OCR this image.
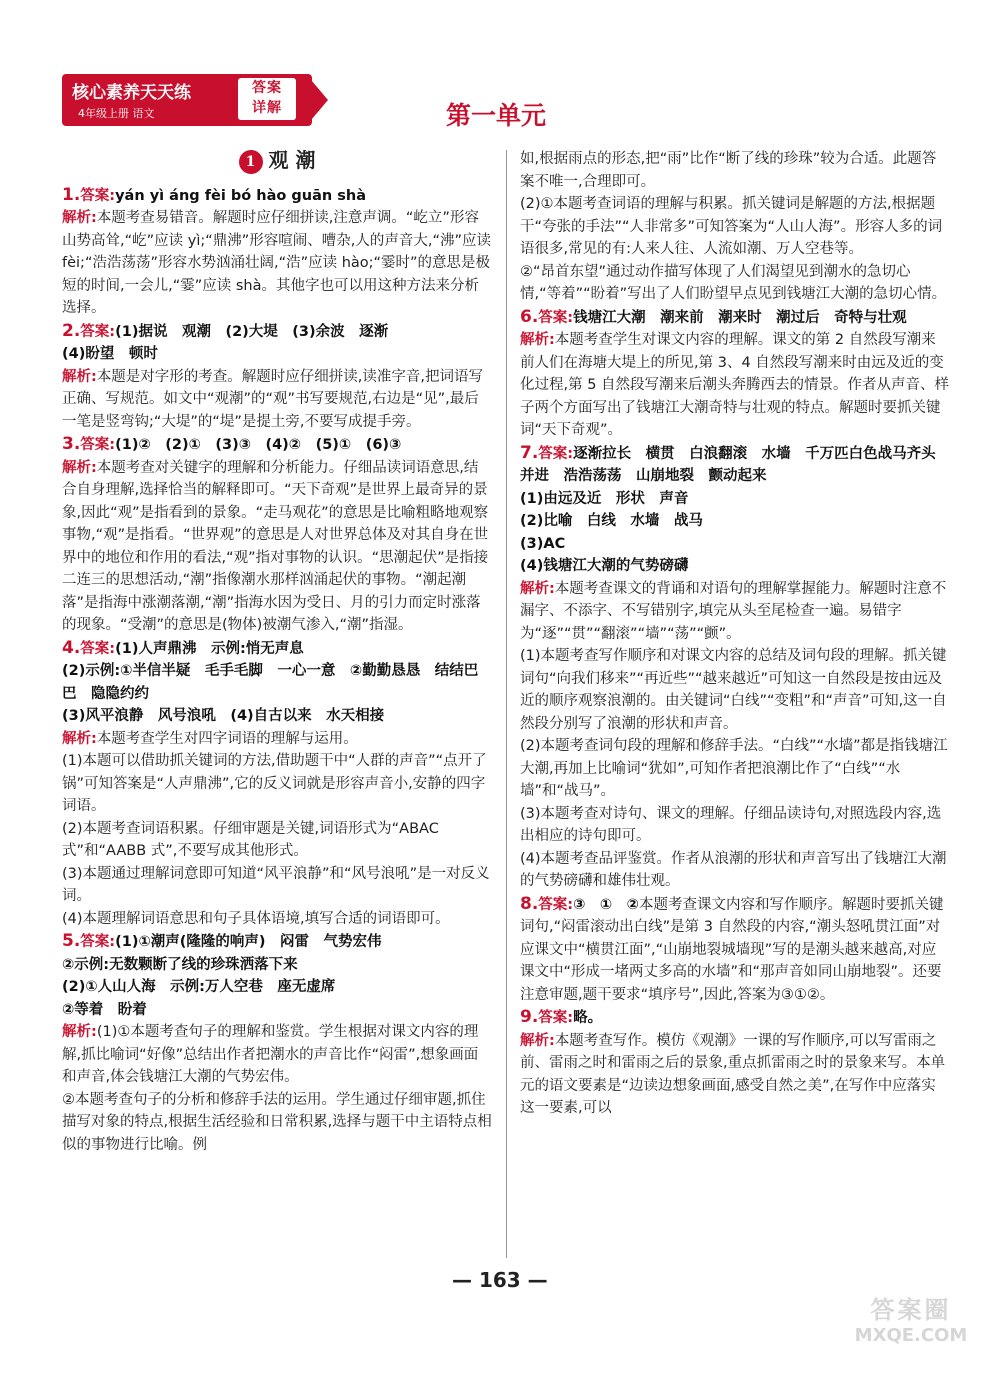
核心素养天天练
4年级上册 语文
答案
详解	第一单元
1 观 潮

1.答案:yán yì áng fèi bó hào guān shà

解析:本题考查易错音。解题时应仔细拼读,注意声调。“屹立”形容山势高耸,“屹”应读 yì;“鼎沸”形容喧闹、嘈杂,人的声音大,“沸”应读 fèi;“浩浩荡荡”形容水势汹涌壮阔,“浩”应读 hào;“霎时”的意思是极短的时间,一会儿,“霎”应读 shà。其他字也可以用这种方法来分析选择。

2.答案:(1)据说　观潮　(2)大堤　(3)余波　逐渐

(4)盼望　顿时

解析:本题是对字形的考查。解题时应仔细拼读,读准字音,把词语写正确、写规范。如文中“观潮”的“观”书写要规范,右边是“见”,最后一笔是竖弯钩;“大堤”的“堤”是提土旁,不要写成提手旁。

3.答案:(1)②　(2)①　(3)③　(4)②　(5)①　(6)③

解析:本题考查对关键字的理解和分析能力。仔细品读词语意思,结合自身理解,选择恰当的解释即可。“天下奇观”是世界上最奇异的景象,因此“观”是指看到的景象。“走马观花”的意思是比喻粗略地观察事物,“观”是指看。“世界观”的意思是人对世界总体及对其自身在世界中的地位和作用的看法,“观”指对事物的认识。“思潮起伏”是指接二连三的思想活动,“潮”指像潮水那样汹涌起伏的事物。“潮起潮落”是指海中涨潮落潮,“潮”指海水因为受日、月的引力而定时涨落的现象。“受潮”的意思是(物体)被潮气渗入,“潮”指湿。

4.答案:(1)人声鼎沸　示例:悄无声息

(2)示例:①半信半疑　毛手毛脚　一心一意　②勤勤恳恳　结结巴巴　隐隐约约

(3)风平浪静　风号浪吼　(4)自古以来　水天相接

解析:本题考查学生对四字词语的理解与运用。

(1)本题可以借助抓关键词的方法,借助题干中“人群的声音”“点开了锅”可知答案是“人声鼎沸”,它的反义词就是形容声音小,安静的四字词语。

(2)本题考查词语积累。仔细审题是关键,词语形式为“ABAC 式”和“AABB 式”,不要写成其他形式。

(3)本题通过理解词意即可知道“风平浪静”和“风号浪吼”是一对反义词。

(4)本题理解词语意思和句子具体语境,填写合适的词语即可。

5.答案:(1)①潮声(隆隆的响声)　闷雷　气势宏伟

②示例:无数颗断了线的珍珠洒落下来

(2)①人山人海　示例:万人空巷　座无虚席

②等着　盼着

解析:(1)①本题考查句子的理解和鉴赏。学生根据对课文内容的理解,抓比喻词“好像”总结出作者把潮水的声音比作“闷雷”,想象画面和声音,体会钱塘江大潮的气势宏伟。

②本题考查句子的分析和修辞手法的运用。学生通过仔细审题,抓住描写对象的特点,根据生活经验和日常积累,选择与题干中主语特点相似的事物进行比喻。例

如,根据雨点的形态,把“雨”比作“断了线的珍珠”较为合适。此题答案不唯一,合理即可。

(2)①本题考查词语的理解与积累。抓关键词是解题的方法,根据题干“夸张的手法”“人非常多”可知答案为“人山人海”。形容人多的词语很多,常见的有:人来人往、人流如潮、万人空巷等。

②“昂首东望”通过动作描写体现了人们渴望见到潮水的急切心情,“等着”“盼着”写出了人们盼望早点见到钱塘江大潮的急切心情。

6.答案:钱塘江大潮　潮来前　潮来时　潮过后　奇特与壮观

解析:本题考查学生对课文内容的理解。课文的第 2 自然段写潮来前人们在海塘大堤上的所见,第 3、4 自然段写潮来时由远及近的变化过程,第 5 自然段写潮来后潮头奔腾西去的情景。作者从声音、样子两个方面写出了钱塘江大潮奇特与壮观的特点。解题时要抓关键词“天下奇观”。

7.答案:逐渐拉长　横贯　白浪翻滚　水墙　千万匹白色战马齐头并进　浩浩荡荡　山崩地裂　颤动起来

(1)由远及近　形状　声音

(2)比喻　白线　水墙　战马

(3)AC

(4)钱塘江大潮的气势磅礴

解析:本题考查课文的背诵和对语句的理解掌握能力。解题时注意不漏字、不添字、不写错别字,填完从头至尾检查一遍。易错字为“逐”“贯”“翻滚”“墙”“荡”“颤”。

(1)本题考查写作顺序和对课文内容的总结及词句段的理解。抓关键词句“向我们移来”“再近些”“越来越近”可知这一自然段是按由远及近的顺序观察浪潮的。由关键词“白线”“变粗”和“声音”可知,这一自然段分别写了浪潮的形状和声音。

(2)本题考查词句段的理解和修辞手法。“白线”“水墙”都是指钱塘江大潮,再加上比喻词“犹如”,可知作者把浪潮比作了“白线”“水墙”和“战马”。

(3)本题考查对诗句、课文的理解。仔细品读诗句,对照选段内容,选出相应的诗句即可。

(4)本题考查品评鉴赏。作者从浪潮的形状和声音写出了钱塘江大潮的气势磅礴和雄伟壮观。

8.答案:③　①　②本题考查课文内容和写作顺序。解题时要抓关键词句,“闷雷滚动出白线”是第 3 自然段的内容,“潮头怒吼贯江面”对应课文中“横贯江面”,“山崩地裂城墙现”写的是潮头越来越高,对应课文中“形成一堵两丈多高的水墙”和“那声音如同山崩地裂”。还要注意审题,题干要求“填序号”,因此,答案为③①②。

9.答案:略。

解析:本题考查写作。模仿《观潮》一课的写作顺序,可以写雷雨之前、雷雨之时和雷雨之后的景象,重点抓雷雨之时的景象来写。本单元的语文要素是“边读边想象画面,感受自然之美”,在写作中应落实这一要素,可以

— 163 —
答案圈
MXQE.COM
